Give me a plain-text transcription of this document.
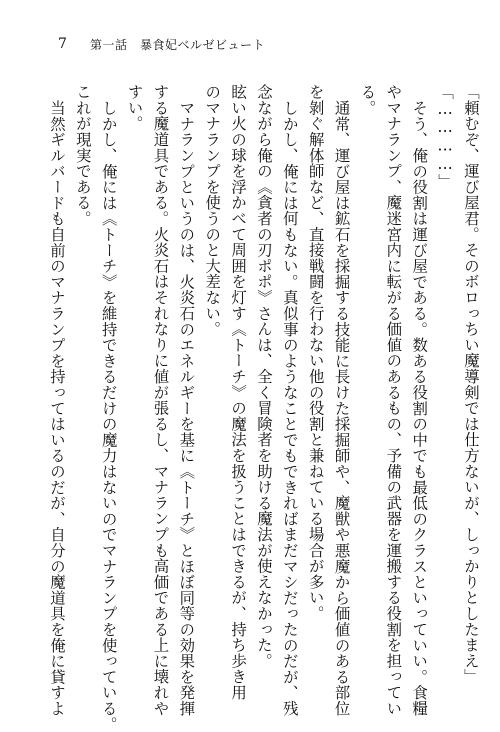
7	第一話　暴食妃ベルゼビュート
「頼むぞ、運び屋君。そのボロっちい魔導剣では仕方ないが、しっかりとしたまえ」
「…………」
そう、俺の役割は運び屋である。数ある役割の中でも最低のクラスといっていい。食糧
やマナランプ、魔迷宮内に転がる価値のあるもの、予備の武器を運搬する役割を担ってい
る。
通常、運び屋は鉱石を採掘する技能に長けた採掘師や、魔獣や悪魔から価値のある部位
を剝ぐ解体師など、直接戦闘を行わない他の役割と兼ねている場合が多い。
しかし、俺には何もない。真似事のようなことでもできればまだマシだったのだが、残
念ながら俺の《貪者の刃ポポ》さんは、全く冒険者を助ける魔法が使えなかった。
眩い火の球を浮かべて周囲を灯す《トーチ》の魔法を扱うことはできるが、持ち歩き用
のマナランプを使うのと大差ない。
マナランプというのは、火炎石のエネルギーを基に《トーチ》とほぼ同等の効果を発揮
する魔道具である。火炎石はそれなりに値が張るし、マナランプも高価である上に壊れや
すい。
しかし、俺には《トーチ》を維持できるだけの魔力はないのでマナランプを使っている。
これが現実である。
当然ギルバードも自前のマナランプを持ってはいるのだが、自分の魔道具を俺に貸すよ
